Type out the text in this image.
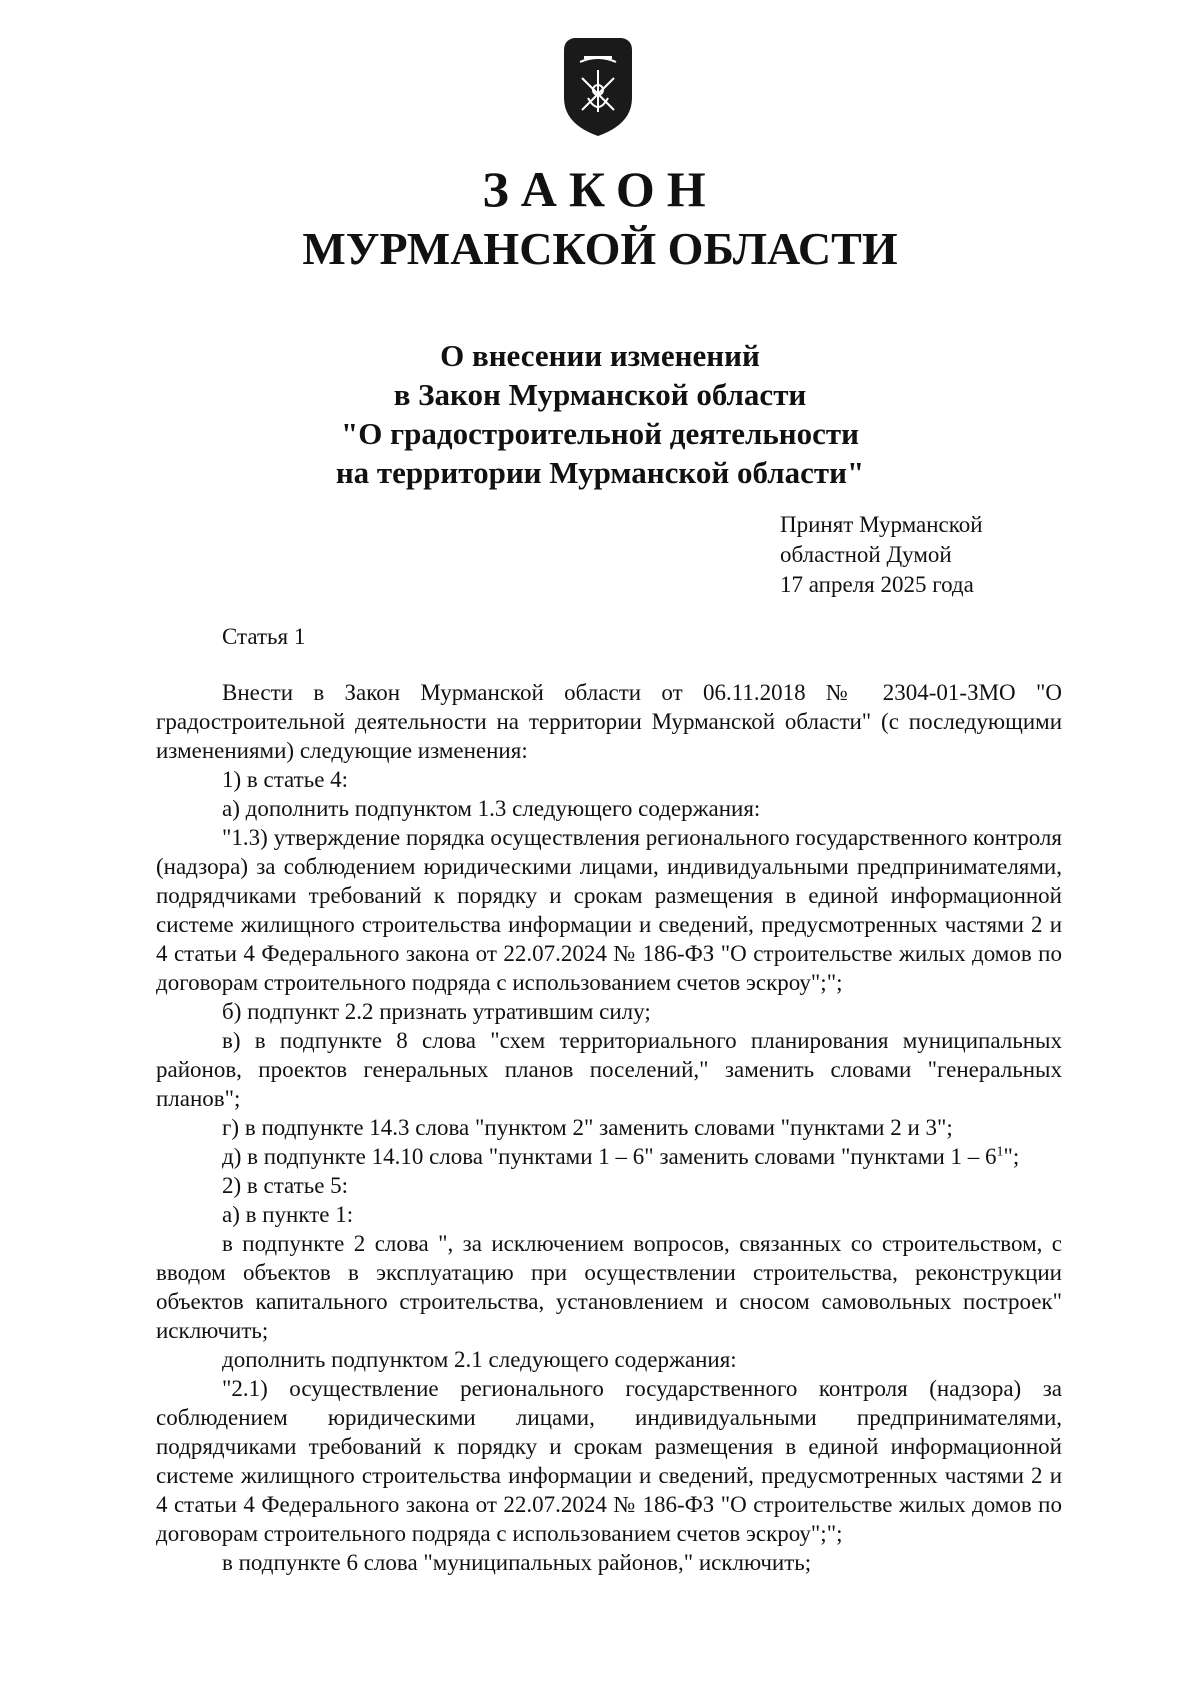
ЗАКОН
МУРМАНСКОЙ ОБЛАСТИ
О внесении изменений
в Закон Мурманской области
"О градостроительной деятельности
на территории Мурманской области"
Принят Мурманской
областной Думой
17 апреля 2025 года
Статья 1

Внести в Закон Мурманской области от 06.11.2018 № 2304-01-ЗМО "О градостроительной деятельности на территории Мурманской области" (с последующими изменениями) следующие изменения:

1) в статье 4:

а) дополнить подпунктом 1.3 следующего содержания:

"1.3) утверждение порядка осуществления регионального государственного контроля (надзора) за соблюдением юридическими лицами, индивидуальными предпринимателями, подрядчиками требований к порядку и срокам размещения в единой информационной системе жилищного строительства информации и сведений, предусмотренных частями 2 и 4 статьи 4 Федерального закона от 22.07.2024 № 186-ФЗ "О строительстве жилых домов по договорам строительного подряда с использованием счетов эскроу";";

б) подпункт 2.2 признать утратившим силу;

в) в подпункте 8 слова "схем территориального планирования муниципальных районов, проектов генеральных планов поселений," заменить словами "генеральных планов";

г) в подпункте 14.3 слова "пунктом 2" заменить словами "пунктами 2 и 3";

д) в подпункте 14.10 слова "пунктами 1 – 6" заменить словами "пунктами $1 - 6^1$";

2) в статье 5:

а) в пункте 1:

в подпункте 2 слова ", за исключением вопросов, связанных со строительством, с вводом объектов в эксплуатацию при осуществлении строительства, реконструкции объектов капитального строительства, установлением и сносом самовольных построек" исключить;

дополнить подпунктом 2.1 следующего содержания:

"2.1) осуществление регионального государственного контроля (надзора) за соблюдением юридическими лицами, индивидуальными предпринимателями, подрядчиками требований к порядку и срокам размещения в единой информационной системе жилищного строительства информации и сведений, предусмотренных частями 2 и 4 статьи 4 Федерального закона от 22.07.2024 № 186-ФЗ "О строительстве жилых домов по договорам строительного подряда с использованием счетов эскроу";";

в подпункте 6 слова "муниципальных районов," исключить;
